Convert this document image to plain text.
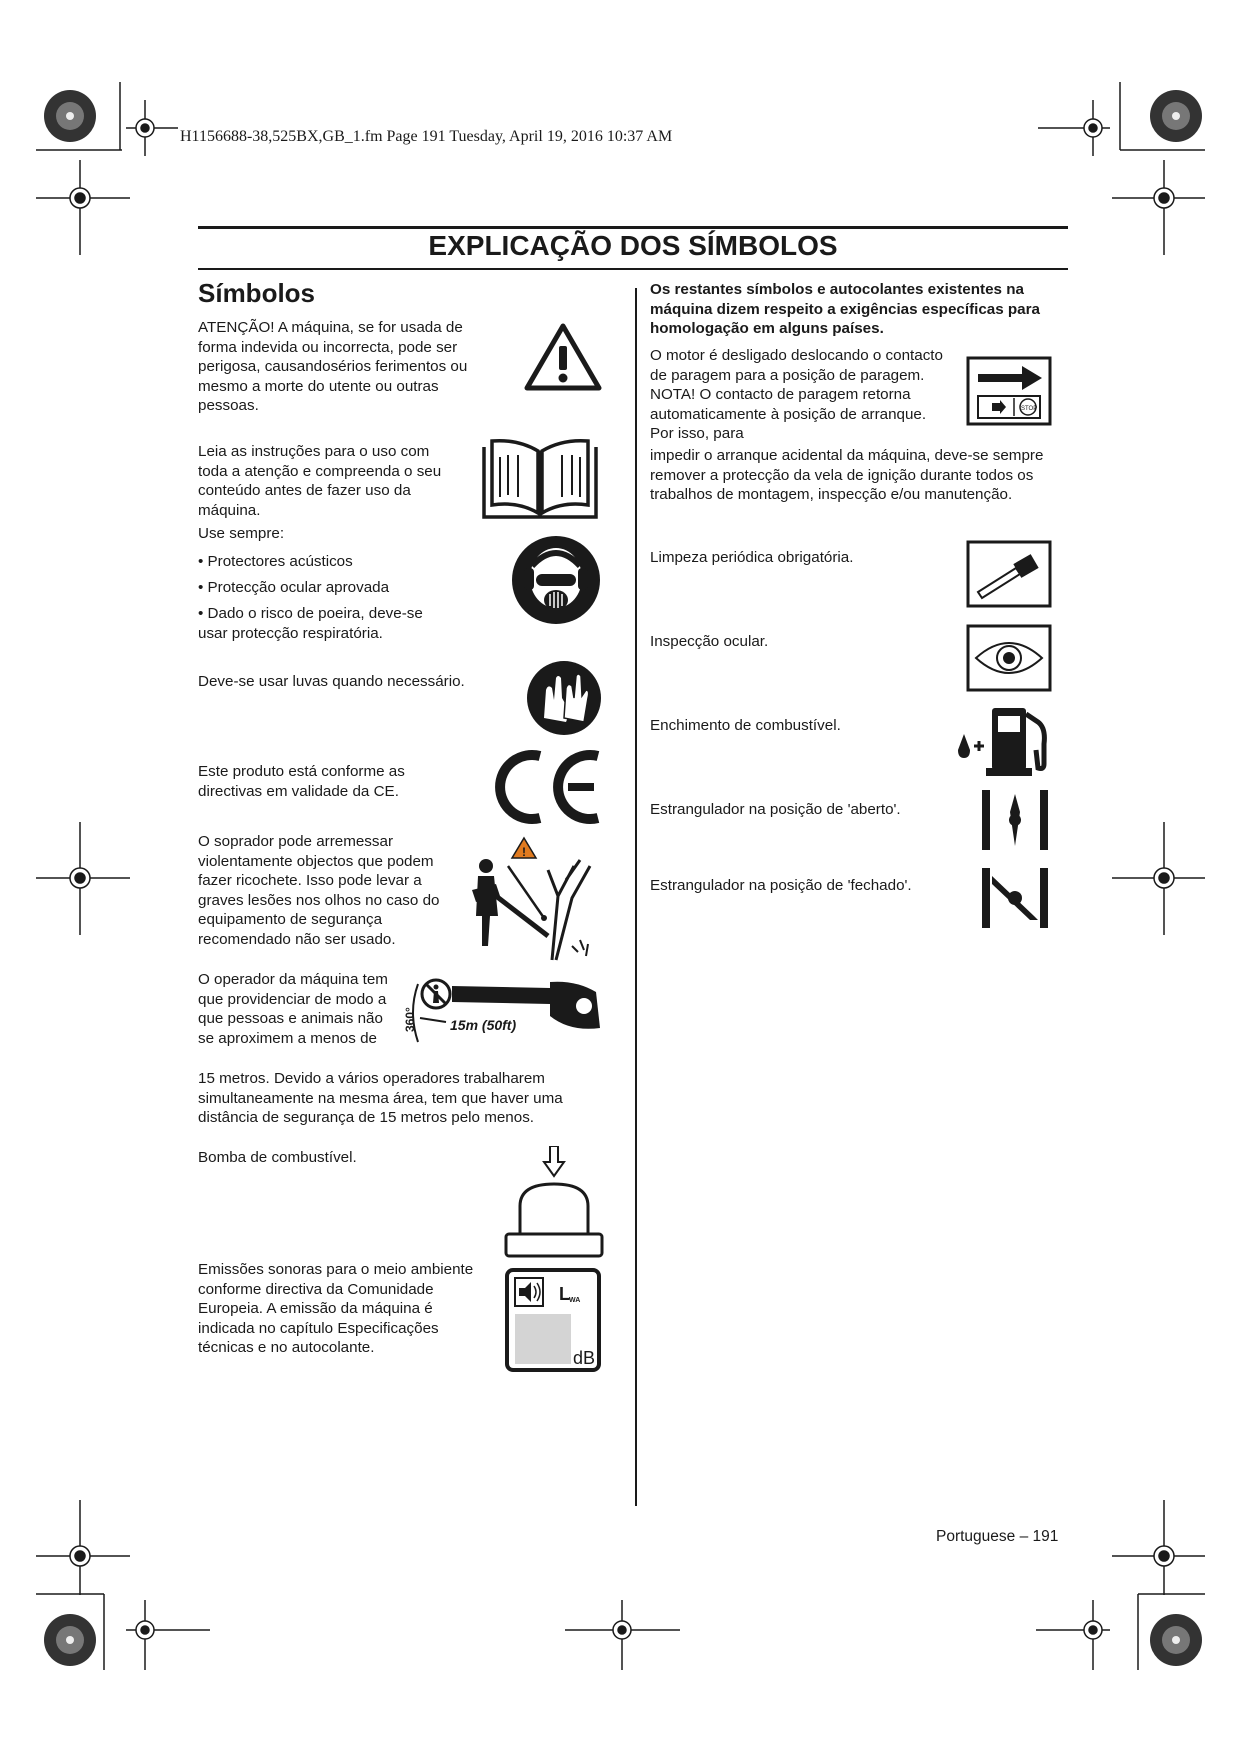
H1156688-38,525BX,GB_1.fm Page 191 Tuesday, April 19, 2016 10:37 AM
EXPLICAÇÃO DOS SÍMBOLOS
Símbolos
ATENÇÃO! A máquina, se for usada de forma indevida ou incorrecta, pode ser perigosa, causandosérios ferimentos ou mesmo a morte do utente ou outras pessoas.
Leia as instruções para o uso com toda a atenção e compreenda o seu conteúdo antes de fazer uso da máquina.
Use sempre:
• Protectores acústicos
• Protecção ocular aprovada
• Dado o risco de poeira, deve-se usar protecção respiratória.
Deve-se usar luvas quando necessário.
Este produto está conforme as directivas em validade da CE.
O soprador pode arremessar violentamente objectos que podem fazer ricochete. Isso pode levar a graves lesões nos olhos no caso do equipamento de segurança recomendado não ser usado.
!
O operador da máquina tem que providenciar de modo a que pessoas e animais não se aproximem a menos de
360° 15m (50ft)
15 metros. Devido a vários operadores trabalharem simultaneamente na mesma área, tem que haver uma distância de segurança de 15 metros pelo menos.
Bomba de combustível.
Emissões sonoras para o meio ambiente conforme directiva da Comunidade Europeia. A emissão da máquina é indicada no capítulo Especificações técnicas e no autocolante.
L WA
dB
Os restantes símbolos e autocolantes existentes na máquina dizem respeito a exigências específicas para homologação em alguns países.
O motor é desligado deslocando o contacto de paragem para a posição de paragem. NOTA! O contacto de paragem retorna automaticamente à posição de arranque. Por isso, para
STOP
impedir o arranque acidental da máquina, deve-se sempre remover a protecção da vela de ignição durante todos os trabalhos de montagem, inspecção e/ou manutenção.
Limpeza periódica obrigatória.
Inspecção ocular.
Enchimento de combustível.
Estrangulador na posição de 'aberto'.
Estrangulador na posição de 'fechado'.
Portuguese – 191
